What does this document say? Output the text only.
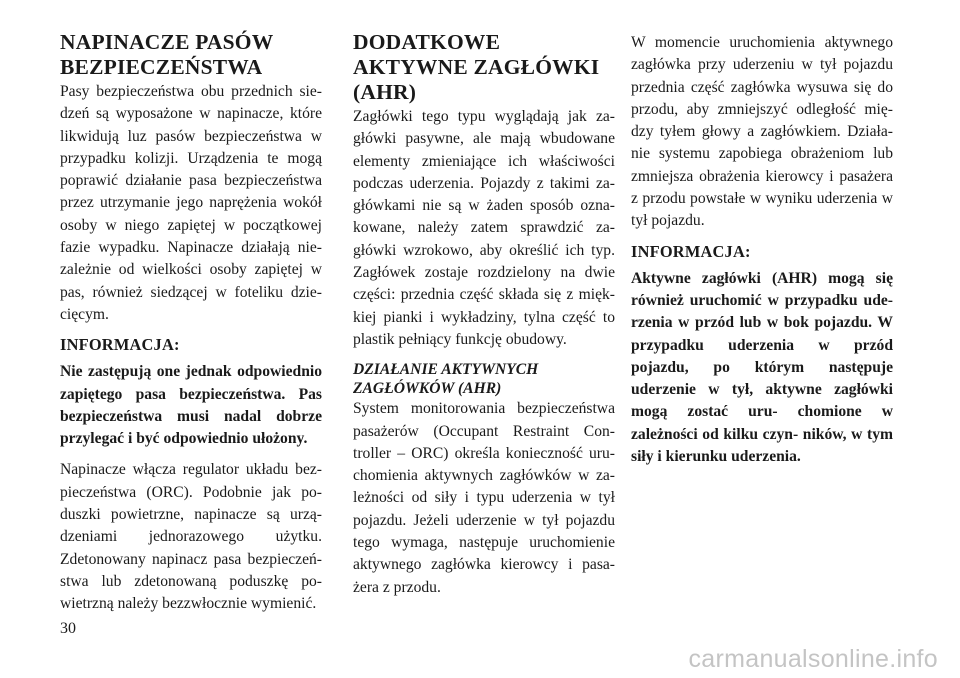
NAPINACZE PASÓW BEZPIECZEŃSTWA

Pasy bezpieczeństwa obu przednich sie- dzeń są wyposażone w napinacze, które likwidują luz pasów bezpieczeństwa w przypadku kolizji. Urządzenia te mogą poprawić działanie pasa bezpieczeństwa przez utrzymanie jego naprężenia wokół osoby w niego zapiętej w początkowej fazie wypadku. Napinacze działają nie- zależnie od wielkości osoby zapiętej w pas, również siedzącej w foteliku dzie- cięcym.

INFORMACJA:

Nie zastępują one jednak odpowiednio zapiętego pasa bezpieczeństwa. Pas bezpieczeństwa musi nadal dobrze przylegać i być odpowiednio ułożony.

Napinacze włącza regulator układu bez- pieczeństwa (ORC). Podobnie jak po- duszki powietrzne, napinacze są urzą- dzeniami jednorazowego użytku. Zdetonowany napinacz pasa bezpieczeń- stwa lub zdetonowaną poduszkę po- wietrzną należy bezzwłocznie wymienić.

DODATKOWE AKTYWNE ZAGŁÓWKI (AHR)

Zagłówki tego typu wyglądają jak za- główki pasywne, ale mają wbudowane elementy zmieniające ich właściwości podczas uderzenia. Pojazdy z takimi za- główkami nie są w żaden sposób ozna- kowane, należy zatem sprawdzić za- główki wzrokowo, aby określić ich typ. Zagłówek zostaje rozdzielony na dwie części: przednia część składa się z mięk- kiej pianki i wykładziny, tylna część to plastik pełniący funkcję obudowy.

DZIAŁANIE AKTYWNYCH ZAGŁÓWKÓW (AHR)

System monitorowania bezpieczeństwa pasażerów (Occupant Restraint Con- troller – ORC) określa konieczność uru- chomienia aktywnych zagłówków w za- leżności od siły i typu uderzenia w tył pojazdu. Jeżeli uderzenie w tył pojazdu tego wymaga, następuje uruchomienie aktywnego zagłówka kierowcy i pasa- żera z przodu.

W momencie uruchomienia aktywnego zagłówka przy uderzeniu w tył pojazdu przednia część zagłówka wysuwa się do przodu, aby zmniejszyć odległość mię- dzy tyłem głowy a zagłówkiem. Działa- nie systemu zapobiega obrażeniom lub zmniejsza obrażenia kierowcy i pasażera z przodu powstałe w wyniku uderzenia w tył pojazdu.

INFORMACJA:

Aktywne zagłówki (AHR) mogą się również uruchomić w przypadku ude- rzenia w przód lub w bok pojazdu. W przypadku uderzenia w przód pojazdu, po którym następuje uderzenie w tył, aktywne zagłówki mogą zostać uru- chomione w zależności od kilku czyn- ników, w tym siły i kierunku uderzenia.

30
carmanualsonline.info
